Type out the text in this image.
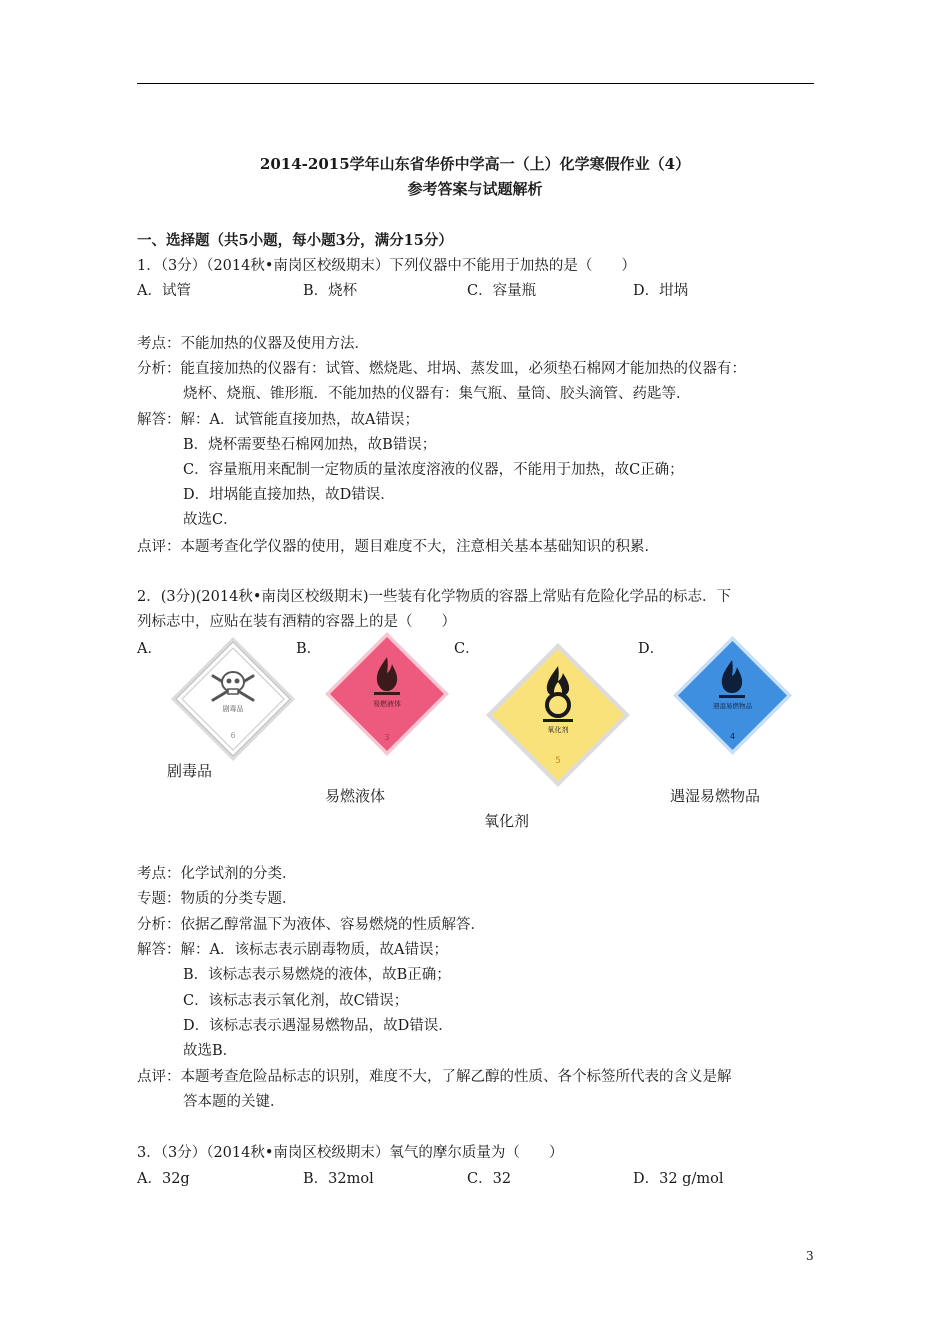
2014-2015学年山东省华侨中学高一（上）化学寒假作业（4）
参考答案与试题解析
一、选择题（共5小题，每小题3分，满分15分）
1．（3分）（2014秋•南岗区校级期末）下列仪器中不能用于加热的是（　　）
A．试管	B．烧杯	C．容量瓶	D．坩埚
考点：不能加热的仪器及使用方法．
分析：能直接加热的仪器有：试管、燃烧匙、坩埚、蒸发皿，必须垫石棉网才能加热的仪器有：
烧杯、烧瓶、锥形瓶．不能加热的仪器有：集气瓶、量筒、胶头滴管、药匙等．
解答：解：A．试管能直接加热，故A错误；
B．烧杯需要垫石棉网加热，故B错误；
C．容量瓶用来配制一定物质的量浓度溶液的仪器，不能用于加热，故C正确；
D．坩埚能直接加热，故D错误．
故选C．
点评：本题考查化学仪器的使用，题目难度不大，注意相关基本基础知识的积累．
2．(3分)(2014秋•南岗区校级期末)一些装有化学物质的容器上常贴有危险化学品的标志．下
列标志中，应贴在装有酒精的容器上的是（　　）
A．	B．	C．	D．
剧毒品
6
易燃液体
3
氧化剂
5
遇湿易燃物品
4
剧毒品
易燃液体
氧化剂
遇湿易燃物品
考点：化学试剂的分类．
专题：物质的分类专题．
分析：依据乙醇常温下为液体、容易燃烧的性质解答．
解答：解：A．该标志表示剧毒物质，故A错误；
B．该标志表示易燃烧的液体，故B正确；
C．该标志表示氧化剂，故C错误；
D．该标志表示遇湿易燃物品，故D错误．
故选B．
点评：本题考查危险品标志的识别，难度不大，了解乙醇的性质、各个标签所代表的含义是解
答本题的关键．
3．（3分）（2014秋•南岗区校级期末）氧气的摩尔质量为（　　）
A．32g	B．32mol	C．32	D．32 g/mol
3
